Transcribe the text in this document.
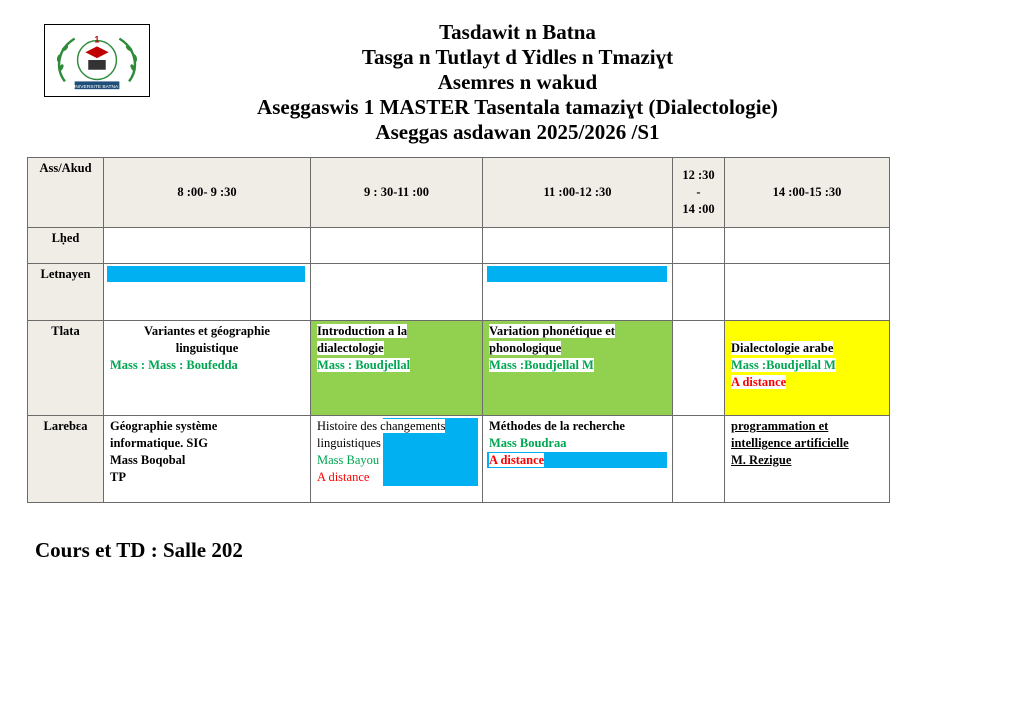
1
UNIVERSITE BATNA 1
Tasdawit n Batna
Tasga n Tutlayt d Yidles n Tmaziɣt
Asemres n wakud
Aseggaswis 1 MASTER Tasentala tamaziɣt (Dialectologie)
Aseggas asdawan 2025/2026 /S1
Ass/Akud	8 :00- 9 :30	9 : 30-11 :00	11 :00-12 :30	12 :30
-
14 :00	14 :00-15 :30
Lḥed					
Letnayen	

Tlata	Variantes et géographie
linguistique
Mass : Mass : Boufedda	Introduction a la
dialectologie
Mass : Boudjellal	Variation phonétique et
phonologique
Mass :Boudjellal M		Dialectologie arabe
Mass :Boudjellal M
A distance

Larebɛa	Géographie système
informatique. SIG
Mass Boqobal
TP	Histoire des changements
linguistiques
Mass Bayou
A distance	Méthodes de la recherche
Mass Boudraa
A distance		programmation et
intelligence artificielle
M. Rezigue
Cours et TD : Salle 202
